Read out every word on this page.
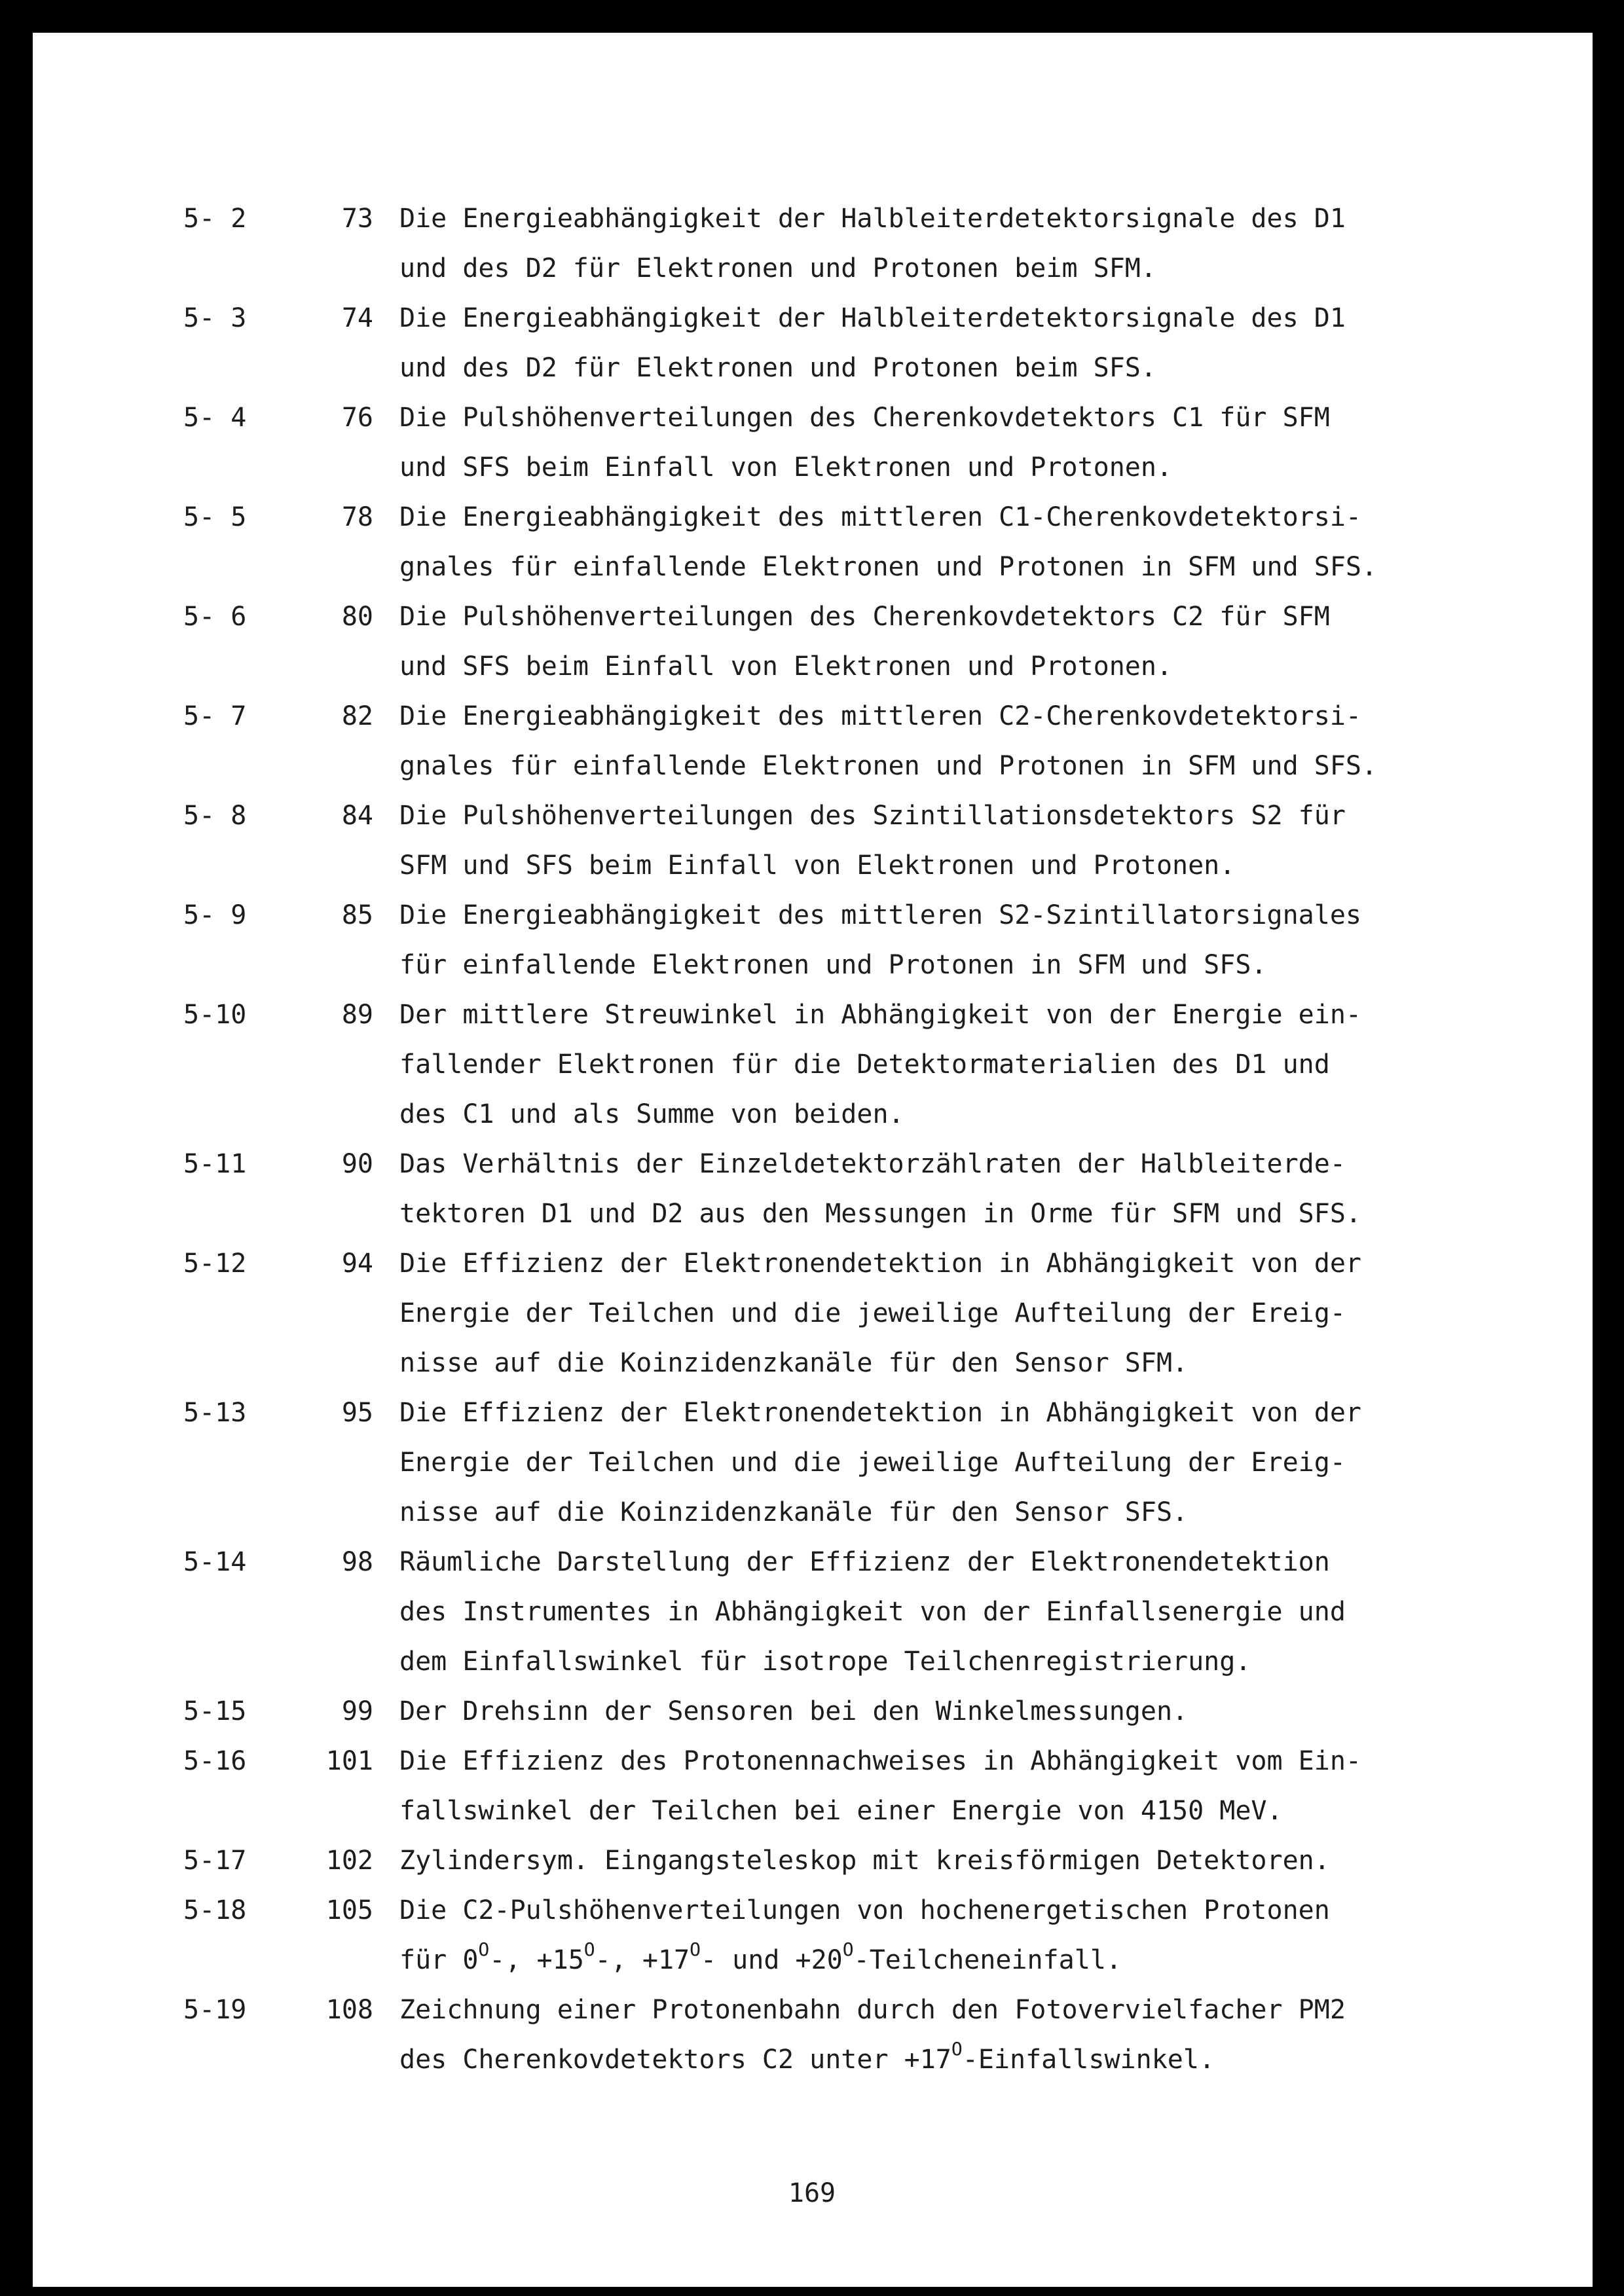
5- 2	73 Die Energieabhängigkeit der Halbleiterdetektorsignale des D1
und des D2 für Elektronen und Protonen beim SFM.
5- 3	74 Die Energieabhängigkeit der Halbleiterdetektorsignale des D1
und des D2 für Elektronen und Protonen beim SFS.
5- 4	76 Die Pulshöhenverteilungen des Cherenkovdetektors C1 für SFM
und SFS beim Einfall von Elektronen und Protonen.
5- 5	78 Die Energieabhängigkeit des mittleren C1-Cherenkovdetektorsi-
gnales für einfallende Elektronen und Protonen in SFM und SFS.
5- 6	80 Die Pulshöhenverteilungen des Cherenkovdetektors C2 für SFM
und SFS beim Einfall von Elektronen und Protonen.
5- 7	82 Die Energieabhängigkeit des mittleren C2-Cherenkovdetektorsi-
gnales für einfallende Elektronen und Protonen in SFM und SFS.
5- 8	84 Die Pulshöhenverteilungen des Szintillationsdetektors S2 für
SFM und SFS beim Einfall von Elektronen und Protonen.
5- 9	85 Die Energieabhängigkeit des mittleren S2-Szintillatorsignales
für einfallende Elektronen und Protonen in SFM und SFS.
5-10	89 Der mittlere Streuwinkel in Abhängigkeit von der Energie ein-
fallender Elektronen für die Detektormaterialien des D1 und
des C1 und als Summe von beiden.
5-11	90 Das Verhältnis der Einzeldetektorzählraten der Halbleiterde-
tektoren D1 und D2 aus den Messungen in Orme für SFM und SFS.
5-12	94 Die Effizienz der Elektronendetektion in Abhängigkeit von der
Energie der Teilchen und die jeweilige Aufteilung der Ereig-
nisse auf die Koinzidenzkanäle für den Sensor SFM.
5-13	95 Die Effizienz der Elektronendetektion in Abhängigkeit von der
Energie der Teilchen und die jeweilige Aufteilung der Ereig-
nisse auf die Koinzidenzkanäle für den Sensor SFS.
5-14	98 Räumliche Darstellung der Effizienz der Elektronendetektion
des Instrumentes in Abhängigkeit von der Einfallsenergie und
dem Einfallswinkel für isotrope Teilchenregistrierung.
5-15	99 Der Drehsinn der Sensoren bei den Winkelmessungen.
5-16	101 Die Effizienz des Protonennachweises in Abhängigkeit vom Ein-
fallswinkel der Teilchen bei einer Energie von 4150 MeV.
5-17	102 Zylindersym. Eingangsteleskop mit kreisförmigen Detektoren.
5-18	105 Die C2-Pulshöhenverteilungen von hochenergetischen Protonen
für $0^O-$, $+15^O-$, $+17^O-$ und $+20^O$-Teilcheneinfall.
5-19	108 Zeichnung einer Protonenbahn durch den Fotovervielfacher PM2
des Cherenkovdetektors C2 unter $+17^O$-Einfallswinkel.
169
